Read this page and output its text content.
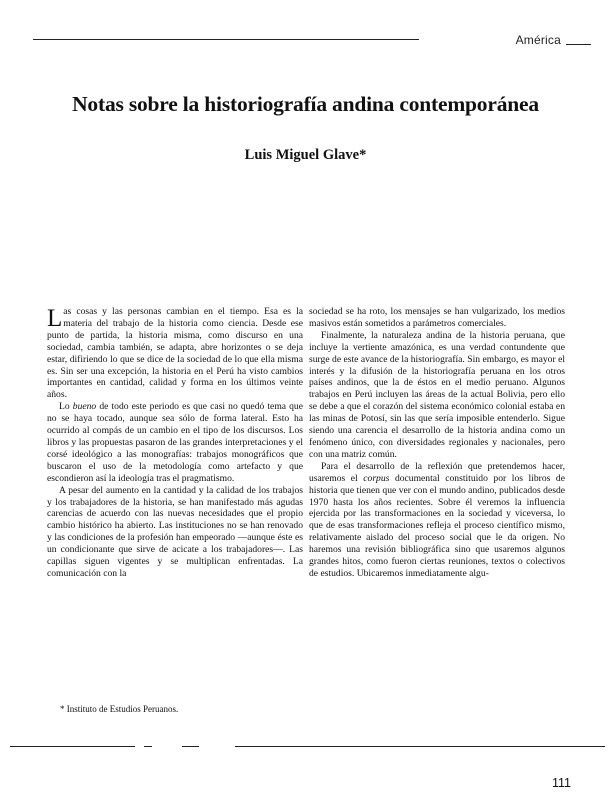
América
Notas sobre la historiografía andina contemporánea
Luis Miguel Glave*

Las cosas y las personas cambian en el tiempo. Esa es la materia del trabajo de la historia como ciencia. Desde ese punto de partida, la historia misma, como discurso en una sociedad, cambia también, se adapta, abre horizontes o se deja estar, difiriendo lo que se dice de la sociedad de lo que ella misma es. Sin ser una excepción, la historia en el Perú ha visto cambios importantes en cantidad, calidad y forma en los últimos veinte años.

Lo bueno de todo este periodo es que casi no quedó tema que no se haya tocado, aunque sea sólo de forma lateral. Esto ha ocurrido al compás de un cambio en el tipo de los discursos. Los libros y las propuestas pasaron de las grandes interpretaciones y el corsé ideológico a las monografías: trabajos monográficos que buscaron el uso de la metodología como artefacto y que escondieron así la ideología tras el pragmatismo.

A pesar del aumento en la cantidad y la calidad de los trabajos y los trabajadores de la historia, se han manifestado más agudas carencias de acuerdo con las nuevas necesidades que el propio cambio histórico ha abierto. Las instituciones no se han renovado y las condiciones de la profesión han empeorado —aunque éste es un condicionante que sirve de acicate a los trabajadores—. Las capillas siguen vigentes y se multiplican enfrentadas. La comunicación con la

sociedad se ha roto, los mensajes se han vulgarizado, los medios masivos están sometidos a parámetros comerciales.

Finalmente, la naturaleza andina de la historia peruana, que incluye la vertiente amazónica, es una verdad contundente que surge de este avance de la historiografía. Sin embargo, es mayor el interés y la difusión de la historiografía peruana en los otros países andinos, que la de éstos en el medio peruano. Algunos trabajos en Perú incluyen las áreas de la actual Bolivia, pero ello se debe a que el corazón del sistema económico colonial estaba en las minas de Potosí, sin las que sería imposible entenderlo. Sigue siendo una carencia el desarrollo de la historia andina como un fenómeno único, con diversidades regionales y nacionales, pero con una matriz común.

Para el desarrollo de la reflexión que pretendemos hacer, usaremos el corpus documental constituido por los libros de historia que tienen que ver con el mundo andino, publicados desde 1970 hasta los años recientes. Sobre él veremos la influencia ejercida por las transformaciones en la sociedad y viceversa, lo que de esas transformaciones refleja el proceso científico mismo, relativamente aislado del proceso social que le da origen. No haremos una revisión bibliográfica sino que usaremos algunos grandes hitos, como fueron ciertas reuniones, textos o colectivos de estudios. Ubicaremos inmediatamente algu-

* Instituto de Estudios Peruanos.
111
